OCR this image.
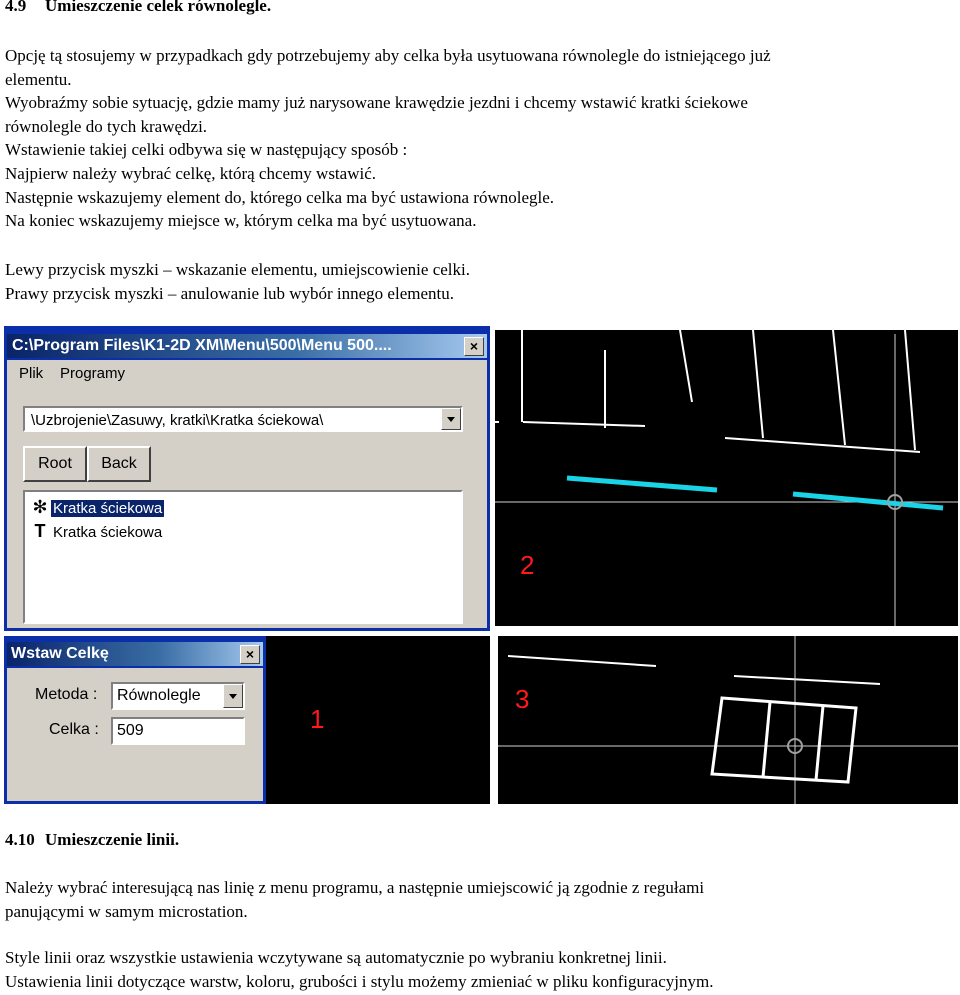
4.9 Umieszczenie celek równolegle.
Opcję tą stosujemy w przypadkach gdy potrzebujemy aby celka była usytuowana równolegle do istniejącego już
elementu.
Wyobraźmy sobie sytuację, gdzie mamy już narysowane krawędzie jezdni i chcemy wstawić kratki ściekowe
równolegle do tych krawędzi.
Wstawienie takiej celki odbywa się w następujący sposób :
Najpierw należy wybrać celkę, którą chcemy wstawić.
Następnie wskazujemy element do, którego celka ma być ustawiona równolegle.
Na koniec wskazujemy miejsce w, którym celka ma być usytuowana.
Lewy przycisk myszki – wskazanie elementu, umiejscowienie celki.
Prawy przycisk myszki – anulowanie lub wybór innego elementu.
C:\Program Files\K1-2D XM\Menu\500\Menu 500....	×
Plik Programy
\Uzbrojenie\Zasuwy, kratki\Kratka ściekowa\
Root	Back
✻ Kratka ściekowa
T Kratka ściekowa
Wstaw Celkę	×
Metoda :	Równolegle
Celka :	509	1
2
3
4.10 Umieszczenie linii.
Należy wybrać interesującą nas linię z menu programu, a następnie umiejscowić ją zgodnie z regułami
panującymi w samym microstation.
Style linii oraz wszystkie ustawienia wczytywane są automatycznie po wybraniu konkretnej linii.
Ustawienia linii dotyczące warstw, koloru, grubości i stylu możemy zmieniać w pliku konfiguracyjnym.
